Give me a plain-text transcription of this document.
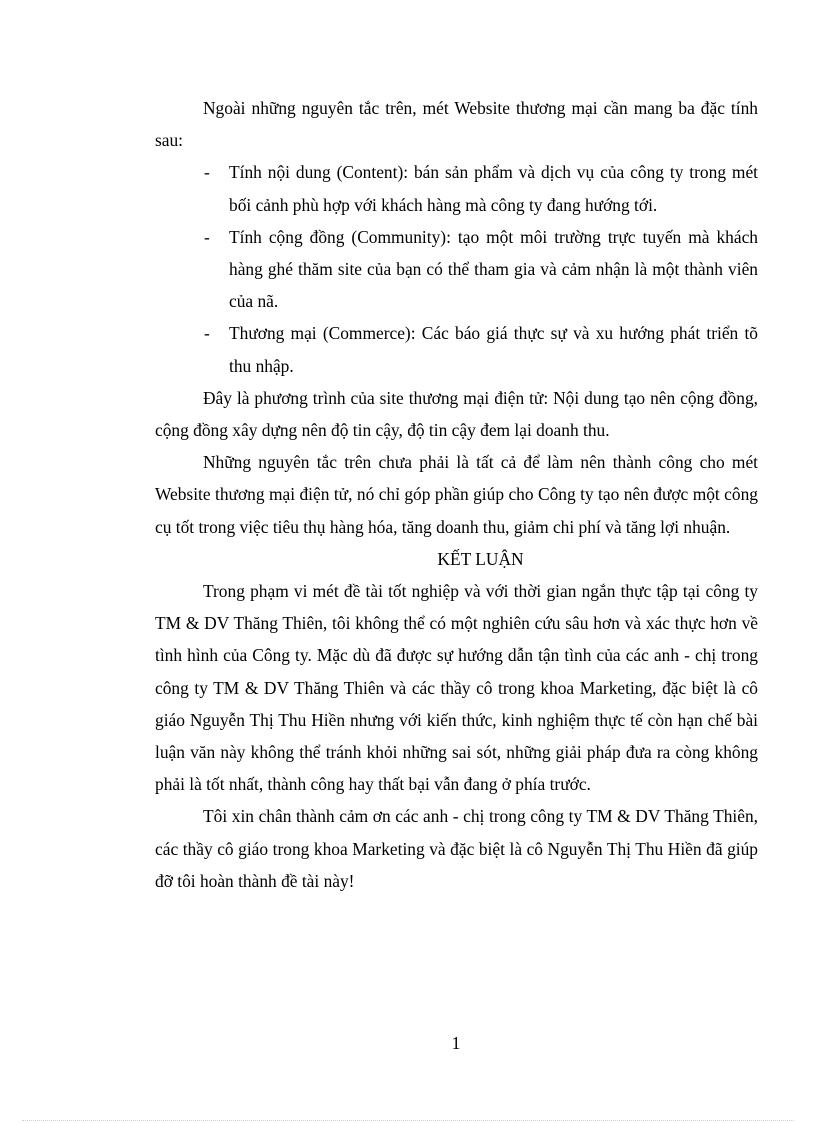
Ngoài những nguyên tắc trên, mét Website thương mại cần mang ba đặc tính sau:

- Tính nội dung (Content): bán sản phẩm và dịch vụ của công ty trong mét bối cảnh phù hợp với khách hàng mà công ty đang hướng tới.
- Tính cộng đồng (Community): tạo một môi trường trực tuyến mà khách hàng ghé thăm site của bạn có thể tham gia và cảm nhận là một thành viên của nã.
- Thương mại (Commerce): Các báo giá thực sự và xu hướng phát triển tõ thu nhập.

Đây là phương trình của site thương mại điện tử: Nội dung tạo nên cộng đồng, cộng đồng xây dựng nên độ tin cậy, độ tin cậy đem lại doanh thu.

Những nguyên tắc trên chưa phải là tất cả để làm nên thành công cho mét Website thương mại điện tử, nó chỉ góp phần giúp cho Công ty tạo nên được một công cụ tốt trong việc tiêu thụ hàng hóa, tăng doanh thu, giảm chi phí và tăng lợi nhuận.

KẾT LUẬN

Trong phạm vi mét đề tài tốt nghiệp và với thời gian ngắn thực tập tại công ty TM & DV Thăng Thiên, tôi không thể có một nghiên cứu sâu hơn và xác thực hơn về tình hình của Công ty. Mặc dù đã được sự hướng dẫn tận tình của các anh - chị trong công ty TM & DV Thăng Thiên và các thầy cô trong khoa Marketing, đặc biệt là cô giáo Nguyễn Thị Thu Hiền nhưng với kiến thức, kinh nghiệm thực tế còn hạn chế bài luận văn này không thể tránh khỏi những sai sót, những giải pháp đưa ra còng không phải là tốt nhất, thành công hay thất bại vẫn đang ở phía trước.

Tôi xin chân thành cảm ơn các anh - chị trong công ty TM & DV Thăng Thiên, các thầy cô giáo trong khoa Marketing và đặc biệt là cô Nguyễn Thị Thu Hiền đã giúp đỡ tôi hoàn thành đề tài này!

1
